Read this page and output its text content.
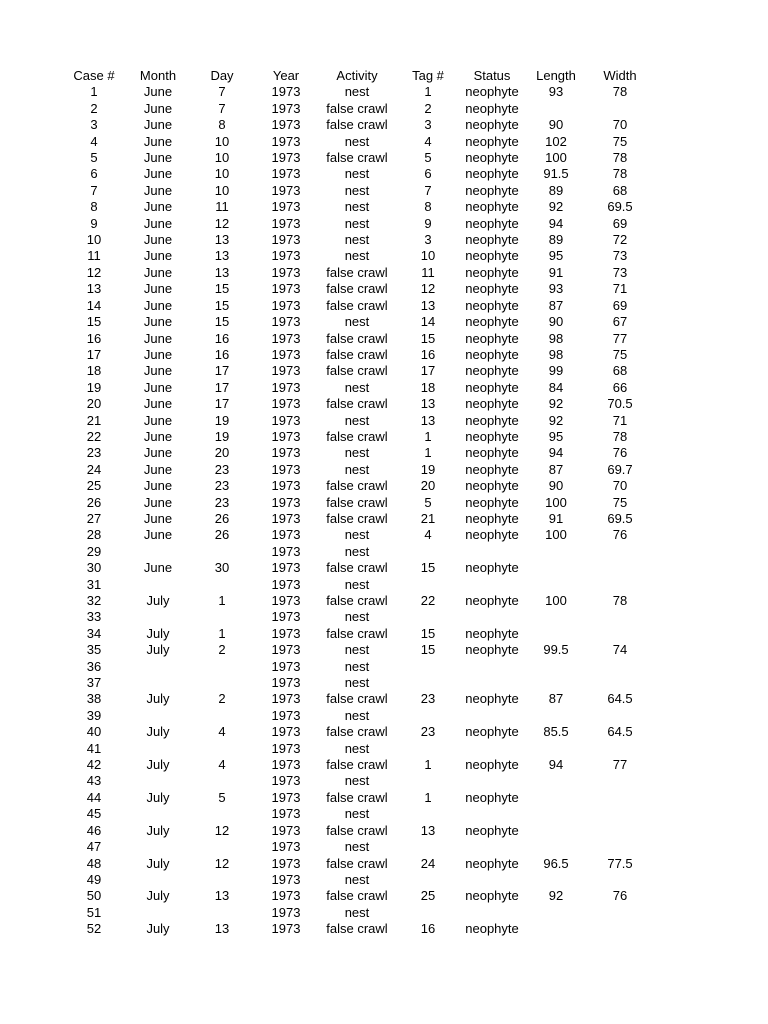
Case #	Month	Day	Year	Activity	Tag #	Status	Length	Width
1	June	7	1973	nest	1	neophyte	93	78
2	June	7	1973	false crawl	2	neophyte		
3	June	8	1973	false crawl	3	neophyte	90	70
4	June	10	1973	nest	4	neophyte	102	75
5	June	10	1973	false crawl	5	neophyte	100	78
6	June	10	1973	nest	6	neophyte	91.5	78
7	June	10	1973	nest	7	neophyte	89	68
8	June	11	1973	nest	8	neophyte	92	69.5
9	June	12	1973	nest	9	neophyte	94	69
10	June	13	1973	nest	3	neophyte	89	72
11	June	13	1973	nest	10	neophyte	95	73
12	June	13	1973	false crawl	11	neophyte	91	73
13	June	15	1973	false crawl	12	neophyte	93	71
14	June	15	1973	false crawl	13	neophyte	87	69
15	June	15	1973	nest	14	neophyte	90	67
16	June	16	1973	false crawl	15	neophyte	98	77
17	June	16	1973	false crawl	16	neophyte	98	75
18	June	17	1973	false crawl	17	neophyte	99	68
19	June	17	1973	nest	18	neophyte	84	66
20	June	17	1973	false crawl	13	neophyte	92	70.5
21	June	19	1973	nest	13	neophyte	92	71
22	June	19	1973	false crawl	1	neophyte	95	78
23	June	20	1973	nest	1	neophyte	94	76
24	June	23	1973	nest	19	neophyte	87	69.7
25	June	23	1973	false crawl	20	neophyte	90	70
26	June	23	1973	false crawl	5	neophyte	100	75
27	June	26	1973	false crawl	21	neophyte	91	69.5
28	June	26	1973	nest	4	neophyte	100	76
29			1973	nest				
30	June	30	1973	false crawl	15	neophyte		
31			1973	nest				
32	July	1	1973	false crawl	22	neophyte	100	78
33			1973	nest				
34	July	1	1973	false crawl	15	neophyte		
35	July	2	1973	nest	15	neophyte	99.5	74
36			1973	nest				
37			1973	nest				
38	July	2	1973	false crawl	23	neophyte	87	64.5
39			1973	nest				
40	July	4	1973	false crawl	23	neophyte	85.5	64.5
41			1973	nest				
42	July	4	1973	false crawl	1	neophyte	94	77
43			1973	nest				
44	July	5	1973	false crawl	1	neophyte		
45			1973	nest				
46	July	12	1973	false crawl	13	neophyte		
47			1973	nest				
48	July	12	1973	false crawl	24	neophyte	96.5	77.5
49			1973	nest				
50	July	13	1973	false crawl	25	neophyte	92	76
51			1973	nest				
52	July	13	1973	false crawl	16	neophyte		
